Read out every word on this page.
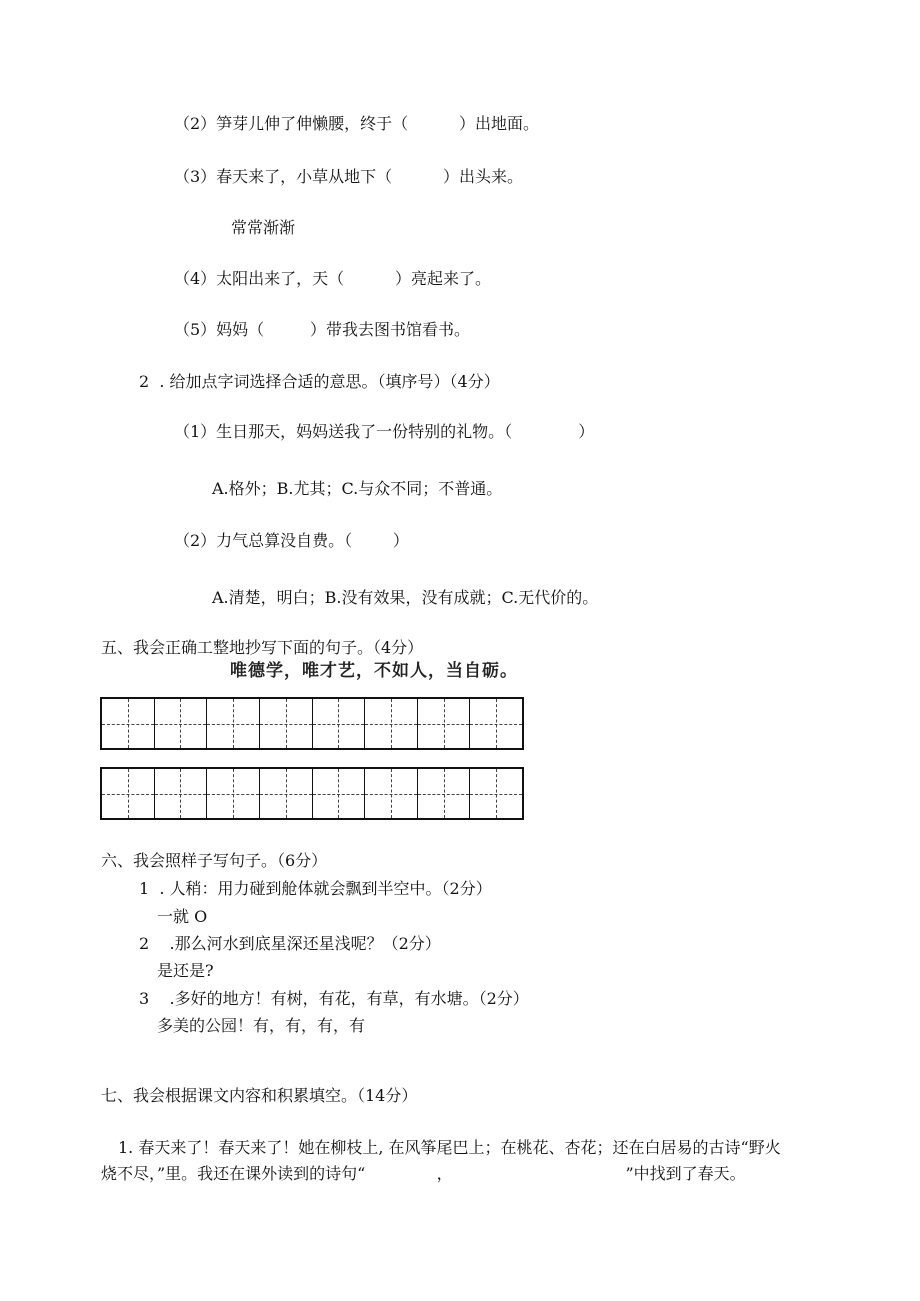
（2）笋芽儿伸了伸懒腰，终于（          ）出地面。
（3）春天来了，小草从地下（          ）出头来。
常常渐渐
（4）太阳出来了，天（          ）亮起来了。
（5）妈妈（         ）带我去图书馆看书。
2  . 给加点字词选择合适的意思。（填序号）（4分）
（1）生日那天，妈妈送我了一份特别的礼物。（             ）
A.格外；B.尤其；C.与众不同；不普通。
（2）力气总算没自费。（        ）
A.清楚，明白；B.没有效果，没有成就；C.无代价的。
五、我会正确工整地抄写下面的句子。（4分）
唯德学，唯才艺，不如人，当自砺。
六、我会照样子写句子。（6分）
1  . 人稍：用力碰到舱体就会飘到半空中。（2分）
一就 O
2    .那么河水到底星深还星浅呢？（2分）
是还是?
3    .多好的地方！有树，有花，有草，有水塘。（2分）
多美的公园！有，有，有，有
七、我会根据课文内容和积累填空。（14分）
1. 春天来了！春天来了！她在柳枝上, 在风筝尾巴上；在桃花、杏花；还在白居易的古诗“野火
烧不尽，”里。我还在课外读到的诗句“              ，                                  ”中找到了春天。
